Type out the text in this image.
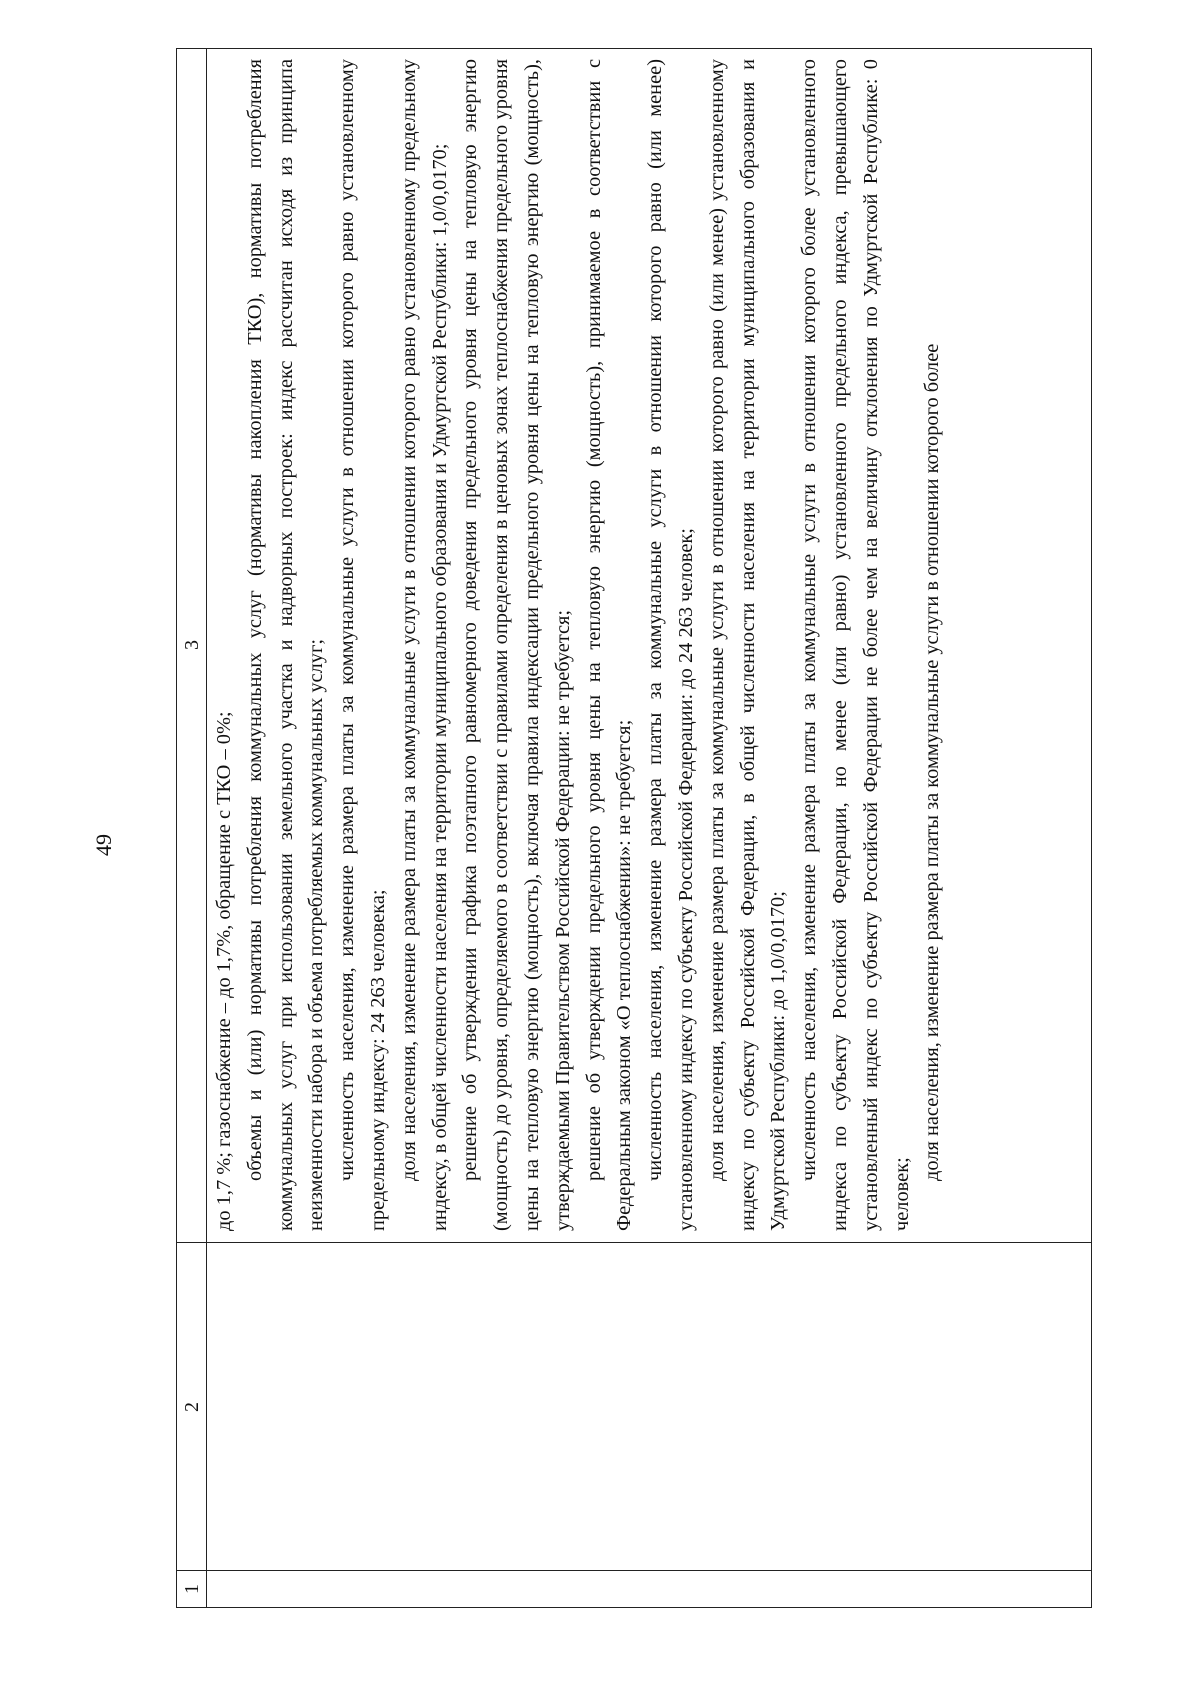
49
1
2
3

до 1,7 %; газоснабжение – до 1,7%, обращение с ТКО – 0%; объемы и (или) нормативы потребления коммунальных услуг (нормативы накопления ТКО), нормативы потребления коммунальных услуг при использовании земельного участка и надворных построек: индекс рассчитан исходя из принципа неизменности набора и объема потребляемых коммунальных услуг; численность населения, изменение размера платы за коммунальные услуги в отношении которого равно установленному предельному индексу: 24 263 человека; доля населения, изменение размера платы за коммунальные услуги в отношении которого равно установленному предельному индексу, в общей численности населения на территории муниципального образования и Удмуртской Республики: 1,0/0,0170; решение об утверждении графика поэтапного равномерного доведения предельного уровня цены на тепловую энергию (мощность) до уровня, определяемого в соответствии с правилами определения в ценовых зонах теплоснабжения предельного уровня цены на тепловую энергию (мощность), включая правила индексации предельного уровня цены на тепловую энергию (мощность), утверждаемыми Правительством Российской Федерации: не требуется; решение об утверждении предельного уровня цены на тепловую энергию (мощность), принимаемое в соответствии с Федеральным законом «О теплоснабжении»: не требуется; численность населения, изменение размера платы за коммунальные услуги в отношении которого равно (или менее) установленному индексу по субъекту Российской Федерации: до 24 263 человек; доля населения, изменение размера платы за коммунальные услуги в отношении которого равно (или менее) установленному индексу по субъекту Российской Федерации, в общей численности населения на территории муниципального образования и Удмуртской Республики: до 1,0/0,0170; численность населения, изменение размера платы за коммунальные услуги в отношении которого более установленного индекса по субъекту Российской Федерации, но менее (или равно) установленного предельного индекса, превышающего установленный индекс по субъекту Российской Федерации не более чем на величину отклонения по Удмуртской Республике: 0 человек;

доля населения, изменение размера платы за коммунальные услуги в отношении которого более
